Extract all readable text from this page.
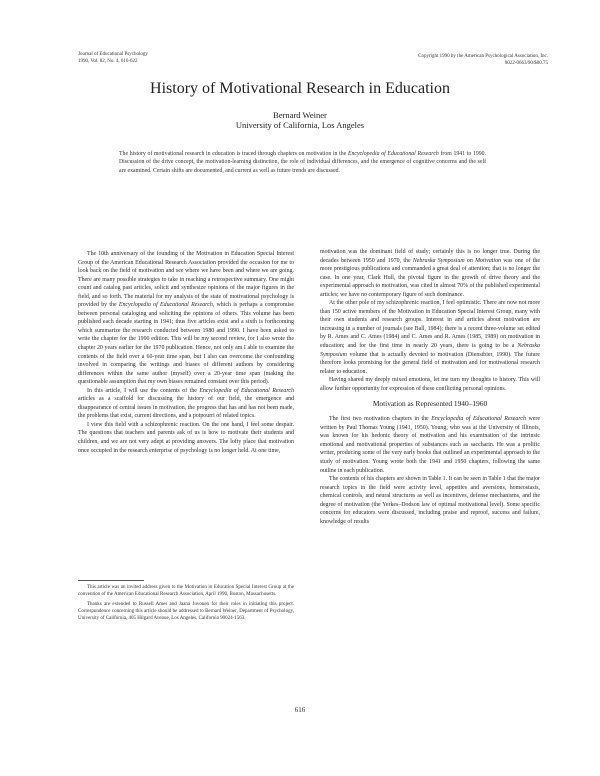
Journal of Educational Psychology
1990, Vol. 82, No. 4, 616-622
Copyright 1990 by the American Psychological Association, Inc.
0022-0663/90/$00.75
History of Motivational Research in Education
Bernard Weiner
University of California, Los Angeles
The history of motivational research in education is traced through chapters on motivation in the Encyclopedia of Educational Research from 1941 to 1990. Discussion of the drive concept, the motivation-learning distinction, the role of individual differences, and the emergence of cognitive concerns and the self are examined. Certain shifts are documented, and current as well as future trends are discussed.

The 10th anniversary of the founding of the Motivation in Education Special Interest Group of the American Educational Research Association provided the occasion for me to look back on the field of motivation and see where we have been and where we are going. There are many possible strategies to take in reaching a retrospective summary. One might count and catalog past articles, solicit and synthesize opinions of the major figures in the field, and so forth. The material for my analysis of the state of motivational psychology is provided by the Encyclopedia of Educational Research, which is perhaps a compromise between personal cataloging and soliciting the opinions of others. This volume has been published each decade starting in 1941; thus five articles exist and a sixth is forthcoming which summarize the research conducted between 1980 and 1990. I have been asked to write the chapter for the 1990 edition. This will be my second review, for I also wrote the chapter 20 years earlier for the 1970 publication. Hence, not only am I able to examine the contents of the field over a 60-year time span, but I also can overcome the confounding involved in comparing the writings and biases of different authors by considering differences within the same author (myself) over a 20-year time span (making the questionable assumption that my own biases remained constant over this period).

In this article, I will use the contents of the Encyclopedia of Educational Research articles as a scaffold for discussing the history of our field, the emergence and disappearance of central issues in motivation, the progress that has and has not been made, the problems that exist, current directions, and a potpourri of related topics.

I view this field with a schizophrenic reaction. On the one hand, I feel some despair. The questions that teachers and parents ask of us is how to motivate their students and children, and we are not very adept at providing answers. The lofty place that motivation once occupied in the research enterprise of psychology is no longer held. At one time,

This article was an invited address given to the Motivation in Education Special Interest Group at the convention of the American Educational Research Association, April 1990, Boston, Massachusetts.

Thanks are extended to Russell Ames and Jaana Juvonen for their roles in initiating this project. Correspondence concerning this article should be addressed to Bernard Weiner, Department of Psychology, University of California, 405 Hilgard Avenue, Los Angeles, California 90024-1563.

motivation was the dominant field of study; certainly this is no longer true. During the decades between 1950 and 1970, the Nebraska Symposium on Motivation was one of the more prestigious publications and commanded a great deal of attention; that is no longer the case. In one year, Clark Hull, the pivotal figure in the growth of drive theory and the experimental approach to motivation, was cited in almost 70% of the published experimental articles; we have no contemporary figure of such dominance.

At the other pole of my schizophrenic reaction, I feel optimistic. There are now not more than 150 active members of the Motivation in Education Special Interest Group, many with their own students and research groups. Interest in and articles about motivation are increasing in a number of journals (see Ball, 1984); there is a recent three-volume set edited by R. Ames and C. Ames (1984) and C. Ames and R. Ames (1985, 1989) on motivation in education; and for the first time in nearly 20 years, there is going to be a Nebraska Symposium volume that is actually devoted to motivation (Dienstbier, 1990). The future therefore looks promising for the general field of motivation and for motivational research relater to education.

Having shared my deeply mixed emotions, let me turn my thoughts to history. This will allow further opportunity for expression of these conflicting personal opinions.

Motivation as Represented 1940–1960

The first two motivation chapters in the Encyclopedia of Educational Research were written by Paul Thomas Young (1941, 1950). Young, who was at the University of Illinois, was known for his hedonic theory of motivation and his examination of the intrinsic emotional and motivational properties of substances such as saccharin. He was a prolific writer, producing some of the very early books that outlined an experimental approach to the study of motivation. Young wrote both the 1941 and 1950 chapters, following the same outline in each publication.

The contents of his chapters are shown in Table 1. It can be seen in Table 1 that the major research topics in the field were activity level, appetites and aversions, homeostasis, chemical controls, and neural structures as well as incentives, defense mechanisms, and the degree of motivation (the Yerkes–Dodson law of optimal motivational level). Some specific concerns for educators were discussed, including praise and reproof, success and failure, knowledge of results

616
